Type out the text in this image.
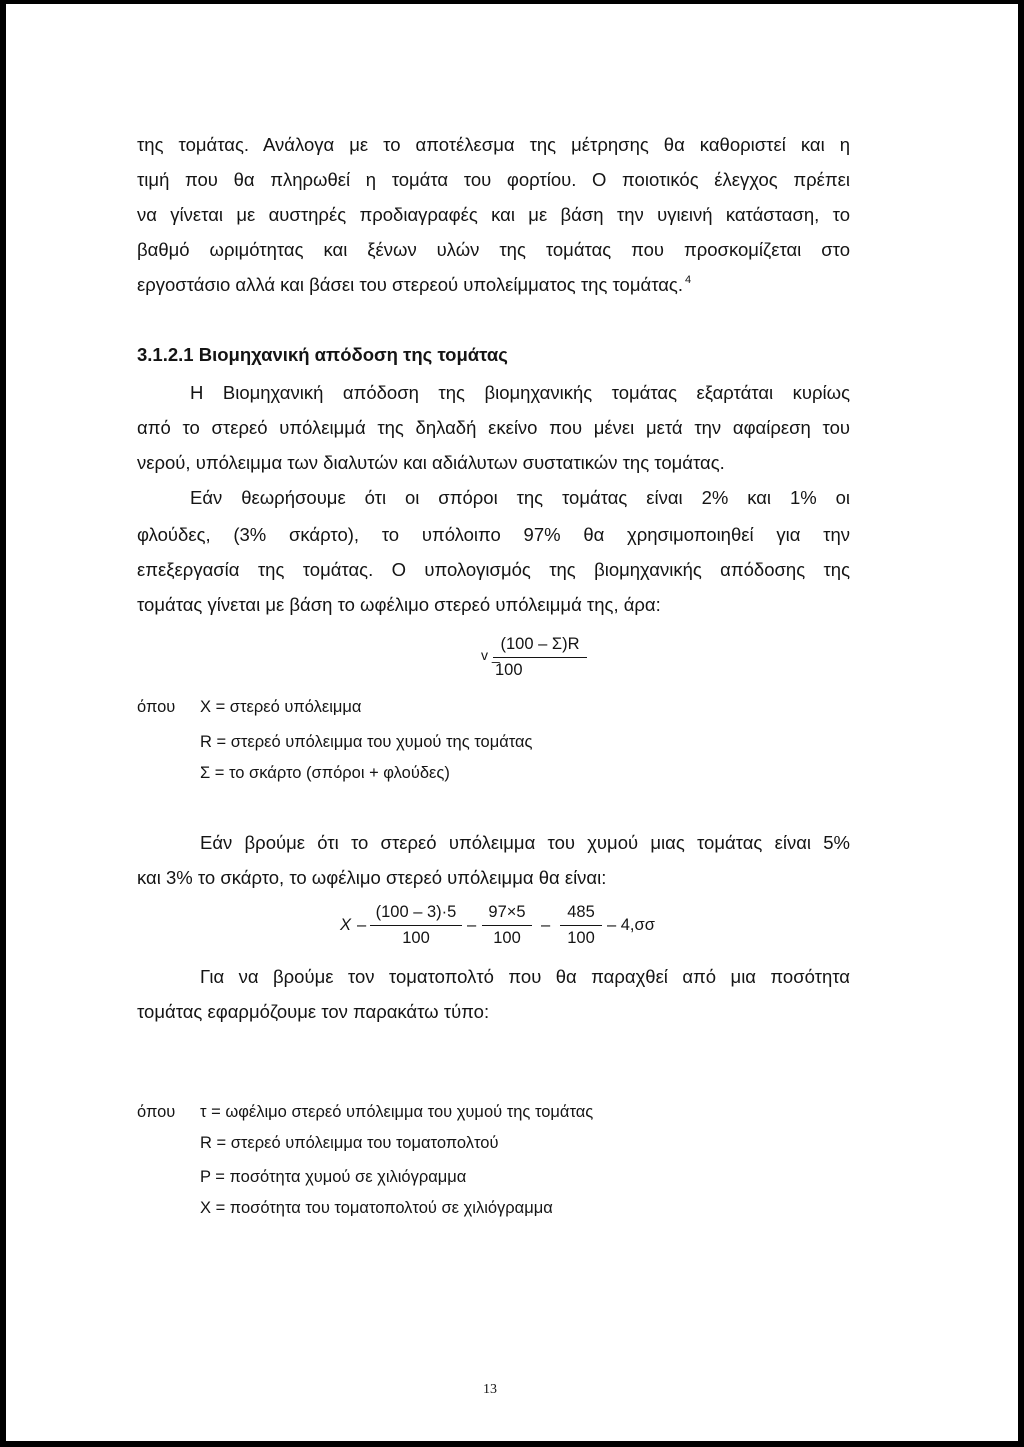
της τομάτας. Ανάλογα με το αποτέλεσμα της μέτρησης θα καθοριστεί και η
τιμή που θα πληρωθεί η τομάτα του φορτίου. Ο ποιοτικός έλεγχος πρέπει
να γίνεται με αυστηρές προδιαγραφές και με βάση την υγιεινή κατάσταση, το
βαθμό ωριμότητας και ξένων υλών της τομάτας που προσκομίζεται στο
εργοστάσιο αλλά και βάσει του στερεού υπολείμματος της τομάτας. $^4$
3.1.2.1 Βιομηχανική απόδοση της τομάτας
Η Βιομηχανική απόδοση της βιομηχανικής τομάτας εξαρτάται κυρίως
από το στερεό υπόλειμμά της δηλαδή εκείνο που μένει μετά την αφαίρεση του
νερού, υπόλειμμα των διαλυτών και αδιάλυτων συστατικών της τομάτας.
Εάν θεωρήσουμε ότι οι σπόροι της τομάτας είναι 2% και 1% οι
φλούδες, (3% σκάρτο), το υπόλοιπο 97% θα χρησιμοποιηθεί για την
επεξεργασία της τομάτας. Ο υπολογισμός της βιομηχανικής απόδοσης της
τομάτας γίνεται με βάση το ωφέλιμο στερεό υπόλειμμά της, άρα:
v _
$\frac{(100 - \Sigma)R}{100}$
όπου Χ = στερεό υπόλειμμα
R = στερεό υπόλειμμα του χυμού της τομάτας
Σ = το σκάρτο (σπόροι + φλούδες)
Εάν βρούμε ότι το στερεό υπόλειμμα του χυμού μιας τομάτας είναι 5%
και 3% το σκάρτο, το ωφέλιμο στερεό υπόλειμμα θα είναι:
X – $\frac{(100 - 3)\cdot 5}{100} - \frac{97\times 5}{100} - \frac{485}{100} - 4,\sigma\sigma$
Για να βρούμε τον τοματοπολτό που θα παραχθεί από μια ποσότητα
τομάτας εφαρμόζουμε τον παρακάτω τύπο:
όπου τ = ωφέλιμο στερεό υπόλειμμα του χυμού της τομάτας
R = στερεό υπόλειμμα του τοματοπολτού
Ρ = ποσότητα χυμού σε χιλιόγραμμα
Χ = ποσότητα του τοματοπολτού σε χιλιόγραμμα
13
